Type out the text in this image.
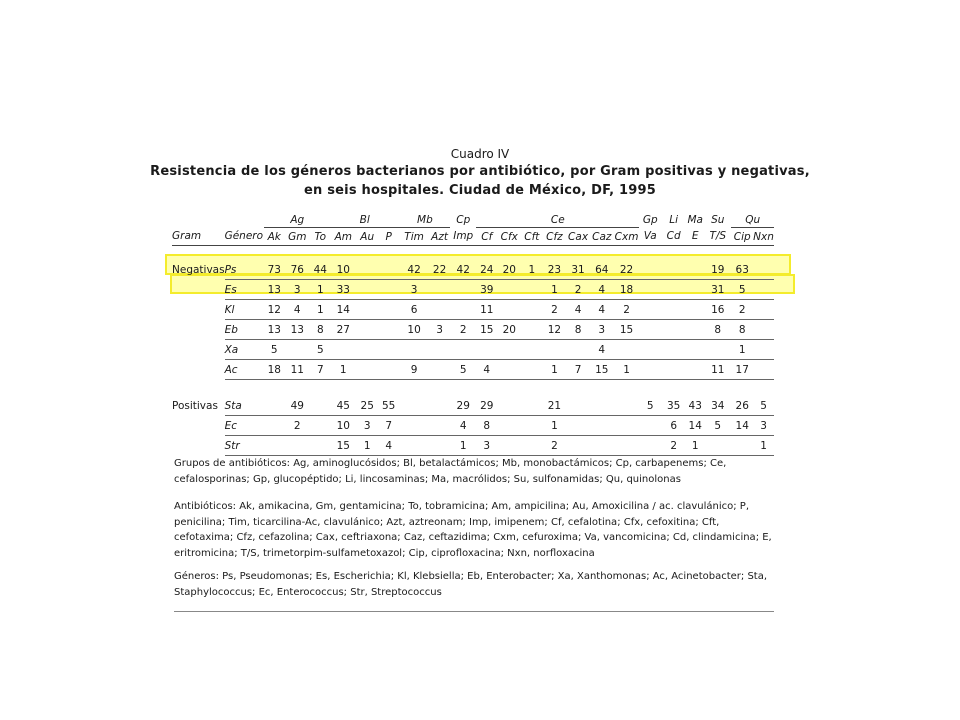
Cuadro IV
Resistencia de los géneros bacterianos por antibiótico, por Gram positivas y negativas,
en seis hospitales. Ciudad de México, DF, 1995
		Ag			Bl			Mb		Cp	Ce							Gp	Li	Ma	Su	Qu	
Gram	Género	Ak	Gm	To	Am	Au	P	Tim	Azt	Imp	Cf	Cfx	Cft	Cfz	Cax	Caz	Cxm	Va	Cd	E	T/S	Cip	Nxn

Negativas	Ps	73	76	44	10			42	22	42	24	20	1	23	31	64	22				19	63	
	Es	13	3	1	33			3			39			1	2	4	18				31	5	
	Kl	12	4	1	14			6			11			2	4	4	2				16	2	
	Eb	13	13	8	27			10	3	2	15	20		12	8	3	15				8	8	
	Xa	5		5												4						1	
	Ac	18	11	7	1			9		5	4			1	7	15	1				11	17	

Positivas	Sta		49		45	25	55			29	29			21				5	35	43	34	26	5
	Ec		2		10	3	7			4	8			1					6	14	5	14	3
	Str				15	1	4			1	3			2					2	1			1
Grupos de antibióticos: Ag, aminoglucósidos; Bl, betalactámicos; Mb, monobactámicos; Cp, carbapenems; Ce, cefalosporinas; Gp, glucopéptido; Li, lincosaminas; Ma, macrólidos; Su, sulfonamidas; Qu, quinolonas
Antibióticos: Ak, amikacina, Gm, gentamicina; To, tobramicina; Am, ampicilina; Au, Amoxicilina / ac. clavulánico; P, penicilina; Tim, ticarcilina-Ac, clavulánico; Azt, aztreonam; Imp, imipenem; Cf, cefalotina; Cfx, cefoxitina; Cft, cefotaxima; Cfz, cefazolina; Cax, ceftriaxona; Caz, ceftazidima; Cxm, cefuroxima; Va, vancomicina; Cd, clindamicina; E, eritromicina; T/S, trimetorpim-sulfametoxazol; Cip, ciprofloxacina; Nxn, norfloxacina
Géneros: Ps, Pseudomonas; Es, Escherichia; Kl, Klebsiella; Eb, Enterobacter; Xa, Xanthomonas; Ac, Acinetobacter; Sta, Staphylococcus; Ec, Enterococcus; Str, Streptococcus
